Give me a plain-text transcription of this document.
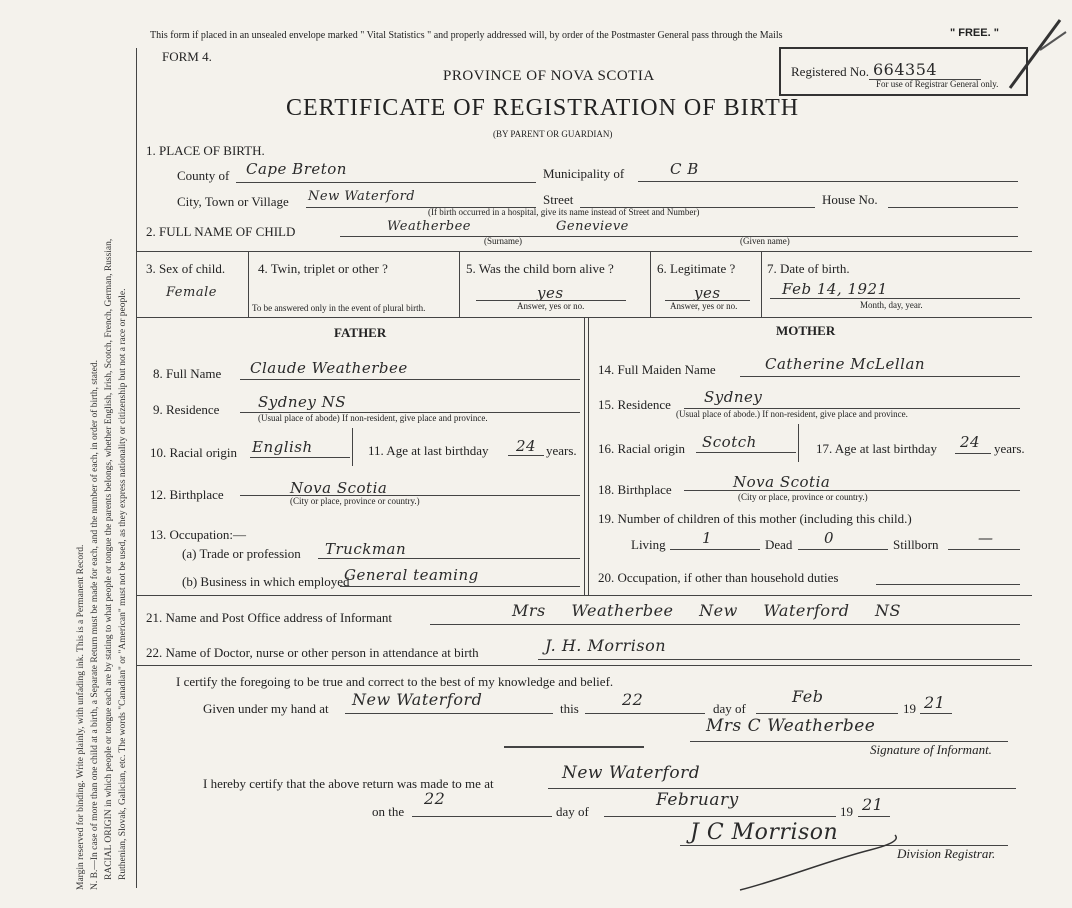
Margin reserved for binding. Write plainly, with unfading ink. This is a Permanent Record. N. B.—In case of more than one child at a birth, a Separate Return must be made for each, and the number of each, in order of birth, stated. RACIAL ORIGIN in which people or tongue each are by stating to what people or tongue the parents belongs, whether English, Irish, Scotch, French, German, Russian, Ruthenian, Slovak, Galician, etc. The words "Canadian" or "American" must not be used, as they express nationality or citizenship but not a race or people.
This form if placed in an unsealed envelope marked " Vital Statistics " and properly addressed will, by order of the Postmaster General pass through the Mails	" FREE. "
FORM 4.
PROVINCE OF NOVA SCOTIA
CERTIFICATE OF REGISTRATION OF BIRTH
(BY PARENT OR GUARDIAN)
Registered No. 664354
For use of Registrar General only.
1. PLACE OF BIRTH.
County of Cape Breton	Municipality of	C B
City, Town or Village New Waterford	Street	House No.
(If birth occurred in a hospital, give its name instead of Street and Number)
2. FULL NAME OF CHILD	Weatherbee	Genevieve
(Surname)	(Given name)
3. Sex of child.
Female
4. Twin, triplet or other ?
To be answered only in the event of plural birth.
5. Was the child born alive ?
yes
Answer, yes or no.
6. Legitimate ?
yes
Answer, yes or no.
7. Date of birth.
Feb 14, 1921
Month, day, year.
FATHER	MOTHER
8. Full Name Claude Weatherbee
9. Residence	Sydney NS
(Usual place of abode) If non-resident, give place and province.
10. Racial origin English	11. Age at last birthday 24 years.
12. Birthplace	Nova Scotia
(City or place, province or country.)
13. Occupation:—
(a) Trade or profession Truckman
(b) Business in which employed
General teaming
14. Full Maiden Name	Catherine McLellan
15. Residence Sydney
(Usual place of abode.) If non-resident, give place and province.
16. Racial origin Scotch	17. Age at last birthday 24 years.
18. Birthplace	Nova Scotia
(City or place, province or country.)
19. Number of children of this mother (including this child.)
Living 1	Dead 0	Stillborn	—
20. Occupation, if other than household duties
21. Name and Post Office address of Informant	Mrs Weatherbee New Waterford NS
22. Name of Doctor, nurse or other person in attendance at birth	J. H. Morrison
I certify the foregoing to be true and correct to the best of my knowledge and belief.
Given under my hand at New Waterford	this	22	day of
Feb
19 21
Mrs C Weatherbee
Signature of Informant.
I hereby certify that the above return was made to me at
New Waterford
on the
22
day of
February
19 21
J C Morrison
Division Registrar.
